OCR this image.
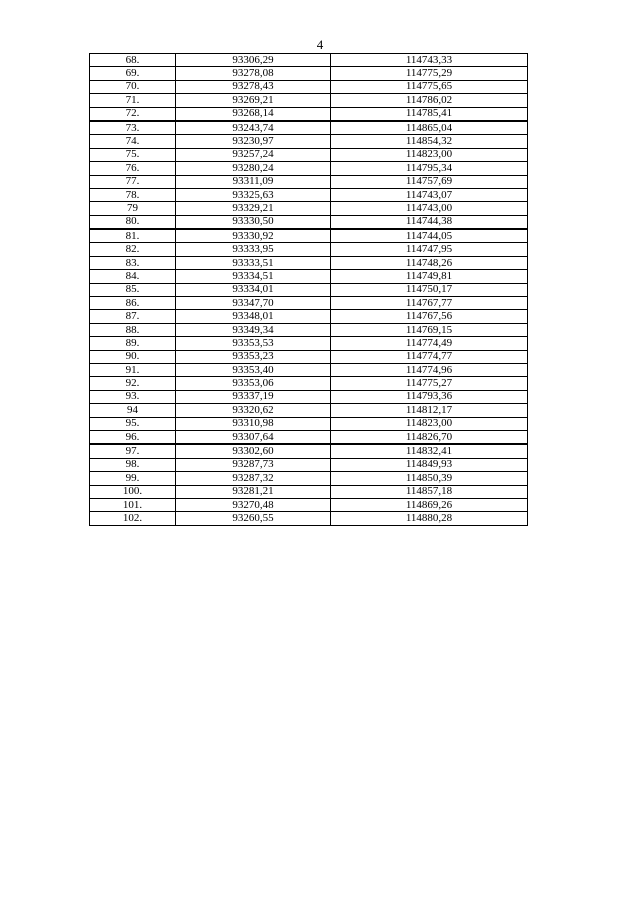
4
68.	93306,29	114743,33
69.	93278,08	114775,29
70.	93278,43	114775,65
71.	93269,21	114786,02
72.	93268,14	114785,41
73.	93243,74	114865,04
74.	93230,97	114854,32
75.	93257,24	114823,00
76.	93280,24	114795,34
77.	93311,09	114757,69
78.	93325,63	114743,07
79	93329,21	114743,00
80.	93330,50	114744,38
81.	93330,92	114744,05
82.	93333,95	114747,95
83.	93333,51	114748,26
84.	93334,51	114749,81
85.	93334,01	114750,17
86.	93347,70	114767,77
87.	93348,01	114767,56
88.	93349,34	114769,15
89.	93353,53	114774,49
90.	93353,23	114774,77
91.	93353,40	114774,96
92.	93353,06	114775,27
93.	93337,19	114793,36
94	93320,62	114812,17
95.	93310,98	114823,00
96.	93307,64	114826,70
97.	93302,60	114832,41
98.	93287,73	114849,93
99.	93287,32	114850,39
100.	93281,21	114857,18
101.	93270,48	114869,26
102.	93260,55	114880,28
